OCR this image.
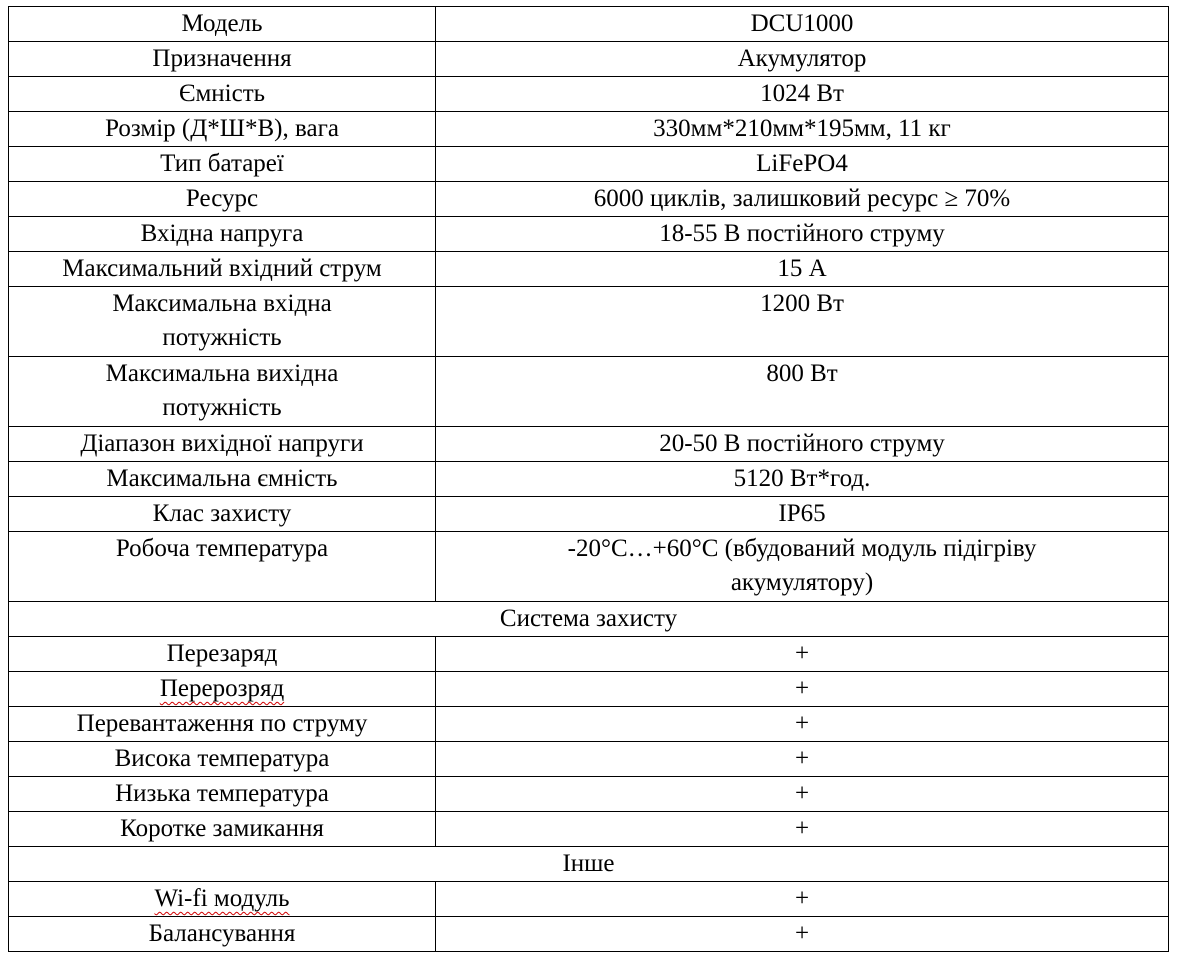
Модель	DCU1000
Призначення	Акумулятор
Ємність	1024 Вт
Розмір (Д*Ш*В), вага	330мм*210мм*195мм, 11 кг
Тип батареї	LiFePO4
Ресурс	6000 циклів, залишковий ресурс ≥ 70%
Вхідна напруга	18-55 В постійного струму
Максимальний вхідний струм	15 А
Максимальна вхідна потужність	1200 Вт
Максимальна вихідна потужність	800 Вт
Діапазон вихідної напруги	20-50 В постійного струму
Максимальна ємність	5120 Вт*год.
Клас захисту	IP65
Робоча температура	-20°C…+60°C (вбудований модуль підігріву акумулятору)
Система захисту	
Перезаряд	+
Перерозряд	+
Перевантаження по струму	+
Висока температура	+
Низька температура	+
Коротке замикання	+
Інше	
Wi-fi модуль	+
Балансування	+
